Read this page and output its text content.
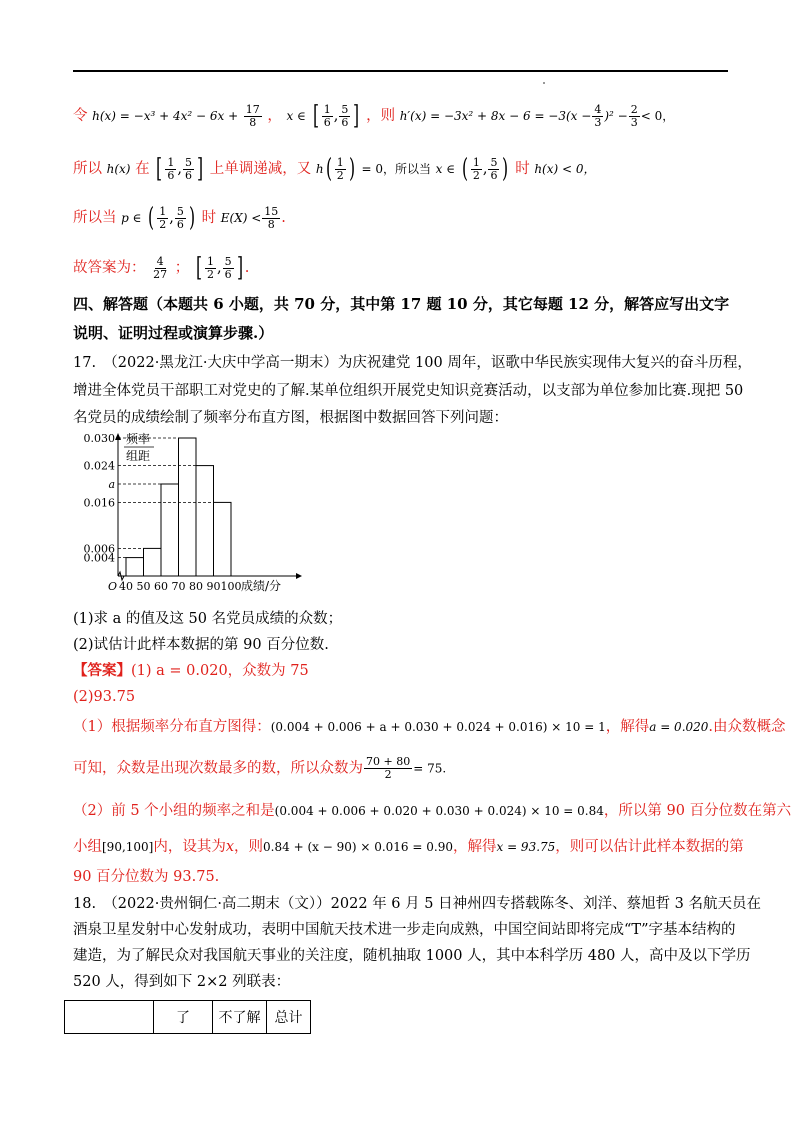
令 $h(x) = -x^3 + 4x^2 - 6x + \frac{17}{8}$ ， x ∈ [ $\frac{1}{6}$ , $\frac{5}{6}$ ] ，则 $h'(x) = -3x^2 + 8x - 6 = -3(x - \frac{4}{3} )^2 - \frac{2}{3} < 0$，
所以 h(x) 在 [ $\frac{1}{6}$ , $\frac{5}{6}$ ] 上单调递减，又 $h( \frac{1}{2}$ ) = 0，所以当 x ∈ ( $\frac{1}{2}$ , $\frac{5}{6}$ ) 时 h(x) < 0，
所以当 p ∈ ( $\frac{1}{2}$ , $\frac{5}{6}$ ) 时 $E(X) < \frac{15}{8}$ .
故答案为： $\frac{4}{27}$ ； [ $\frac{1}{2}$ , $\frac{5}{6}$ ] .
四、解答题（本题共 6 小题，共 70 分，其中第 17 题 10 分，其它每题 12 分，解答应写出文字
说明、证明过程或演算步骤.）
17.　（2022·黑龙江·大庆中学高一期末）为庆祝建党 100 周年，讴歌中华民族实现伟大复兴的奋斗历程，
增进全体党员干部职工对党史的了解.某单位组织开展党史知识竞赛活动，以支部为单位参加比赛.现把 50
名党员的成绩绘制了频率分布直方图，根据图中数据回答下列问题：
频率
组距
0.030
0.024
a
0.016
0.006
0.004
40 50 60 70 80 90 100
O	成绩/分
(1)求 a 的值及这 50 名党员成绩的众数；
(2)试估计此样本数据的第 90 百分位数.
【答案】(1) a = 0.020，众数为 75
(2)93.75
（1）根据频率分布直方图得：(0.004 + 0.006 + a + 0.030 + 0.024 + 0.016) × 10 = 1，解得a = 0.020.由众数概念
可知，众数是出现次数最多的数，所以众数为 $\frac{70 + 80}{2} = 75$.
（2）前 5 个小组的频率之和是(0.004 + 0.006 + 0.020 + 0.030 + 0.024) × 10 = 0.84，所以第 90 百分位数在第六
小组[90,100]内，设其为x，则0.84 + (x − 90) × 0.016 = 0.90，解得x = 93.75，则可以估计此样本数据的第
90 百分位数为 93.75.
18.　（2022·贵州铜仁·高二期末（文））2022 年 6 月 5 日神州四专搭载陈冬、刘洋、蔡旭哲 3 名航天员在
酒泉卫星发射中心发射成功，表明中国航天技术进一步走向成熟，中国空间站即将完成“T”字基本结构的
建造，为了解民众对我国航天事业的关注度，随机抽取 1000 人，其中本科学历 480 人，高中及以下学历
520 人，得到如下 2×2 列联表：
	了	不了解	总计
